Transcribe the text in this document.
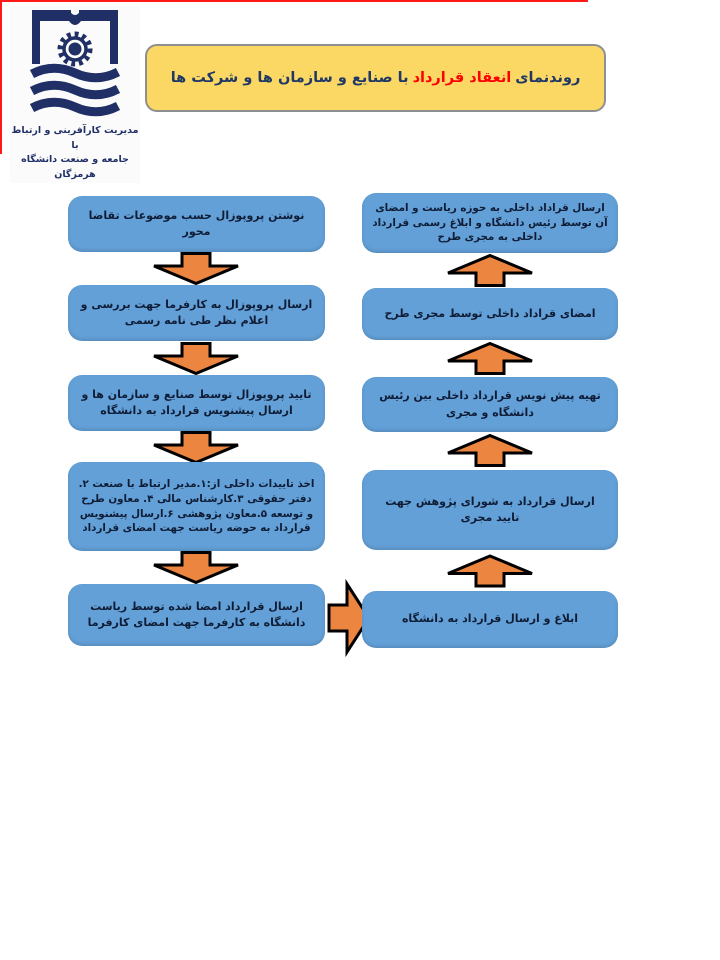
مدیریت کارآفرینی و ارتباط با
جامعه و صنعت دانشگاه هرمزگان
روندنمای
انعقاد قرارداد
با صنایع و سازمان ها و شرکت ها
نوشتن پروپوزال حسب موضوعات تقاضا محور
ارسال پروپوزال به کارفرما جهت بررسی و اعلام نظر طی نامه رسمی
تایید پروپوزال توسط صنایع و سازمان ها و ارسال پیشنویس قرارداد به دانشگاه
اخذ تاییدات داخلی از:۱.مدیر ارتباط با صنعت ۲. دفتر حقوقی ۳.کارشناس مالی ۴. معاون طرح و توسعه ۵.معاون پژوهشی ۶.ارسال پیشنویس قرارداد به حوضه ریاست جهت امضای قرارداد
ارسال قرارداد امضا شده توسط ریاست دانشگاه به کارفرما جهت امضای کارفرما
ارسال قراداد داخلی به حوزه ریاست و امضای آن توسط رئیس دانشگاه و ابلاغ رسمی قرارداد داخلی به مجری طرح
امضای قراداد داخلی توسط مجری طرح
تهیه پیش نویس قرارداد داخلی بین رئیس دانشگاه و مجری
ارسال قرارداد به شورای پژوهش جهت تایید مجری
ابلاغ و ارسال قرارداد به دانشگاه
